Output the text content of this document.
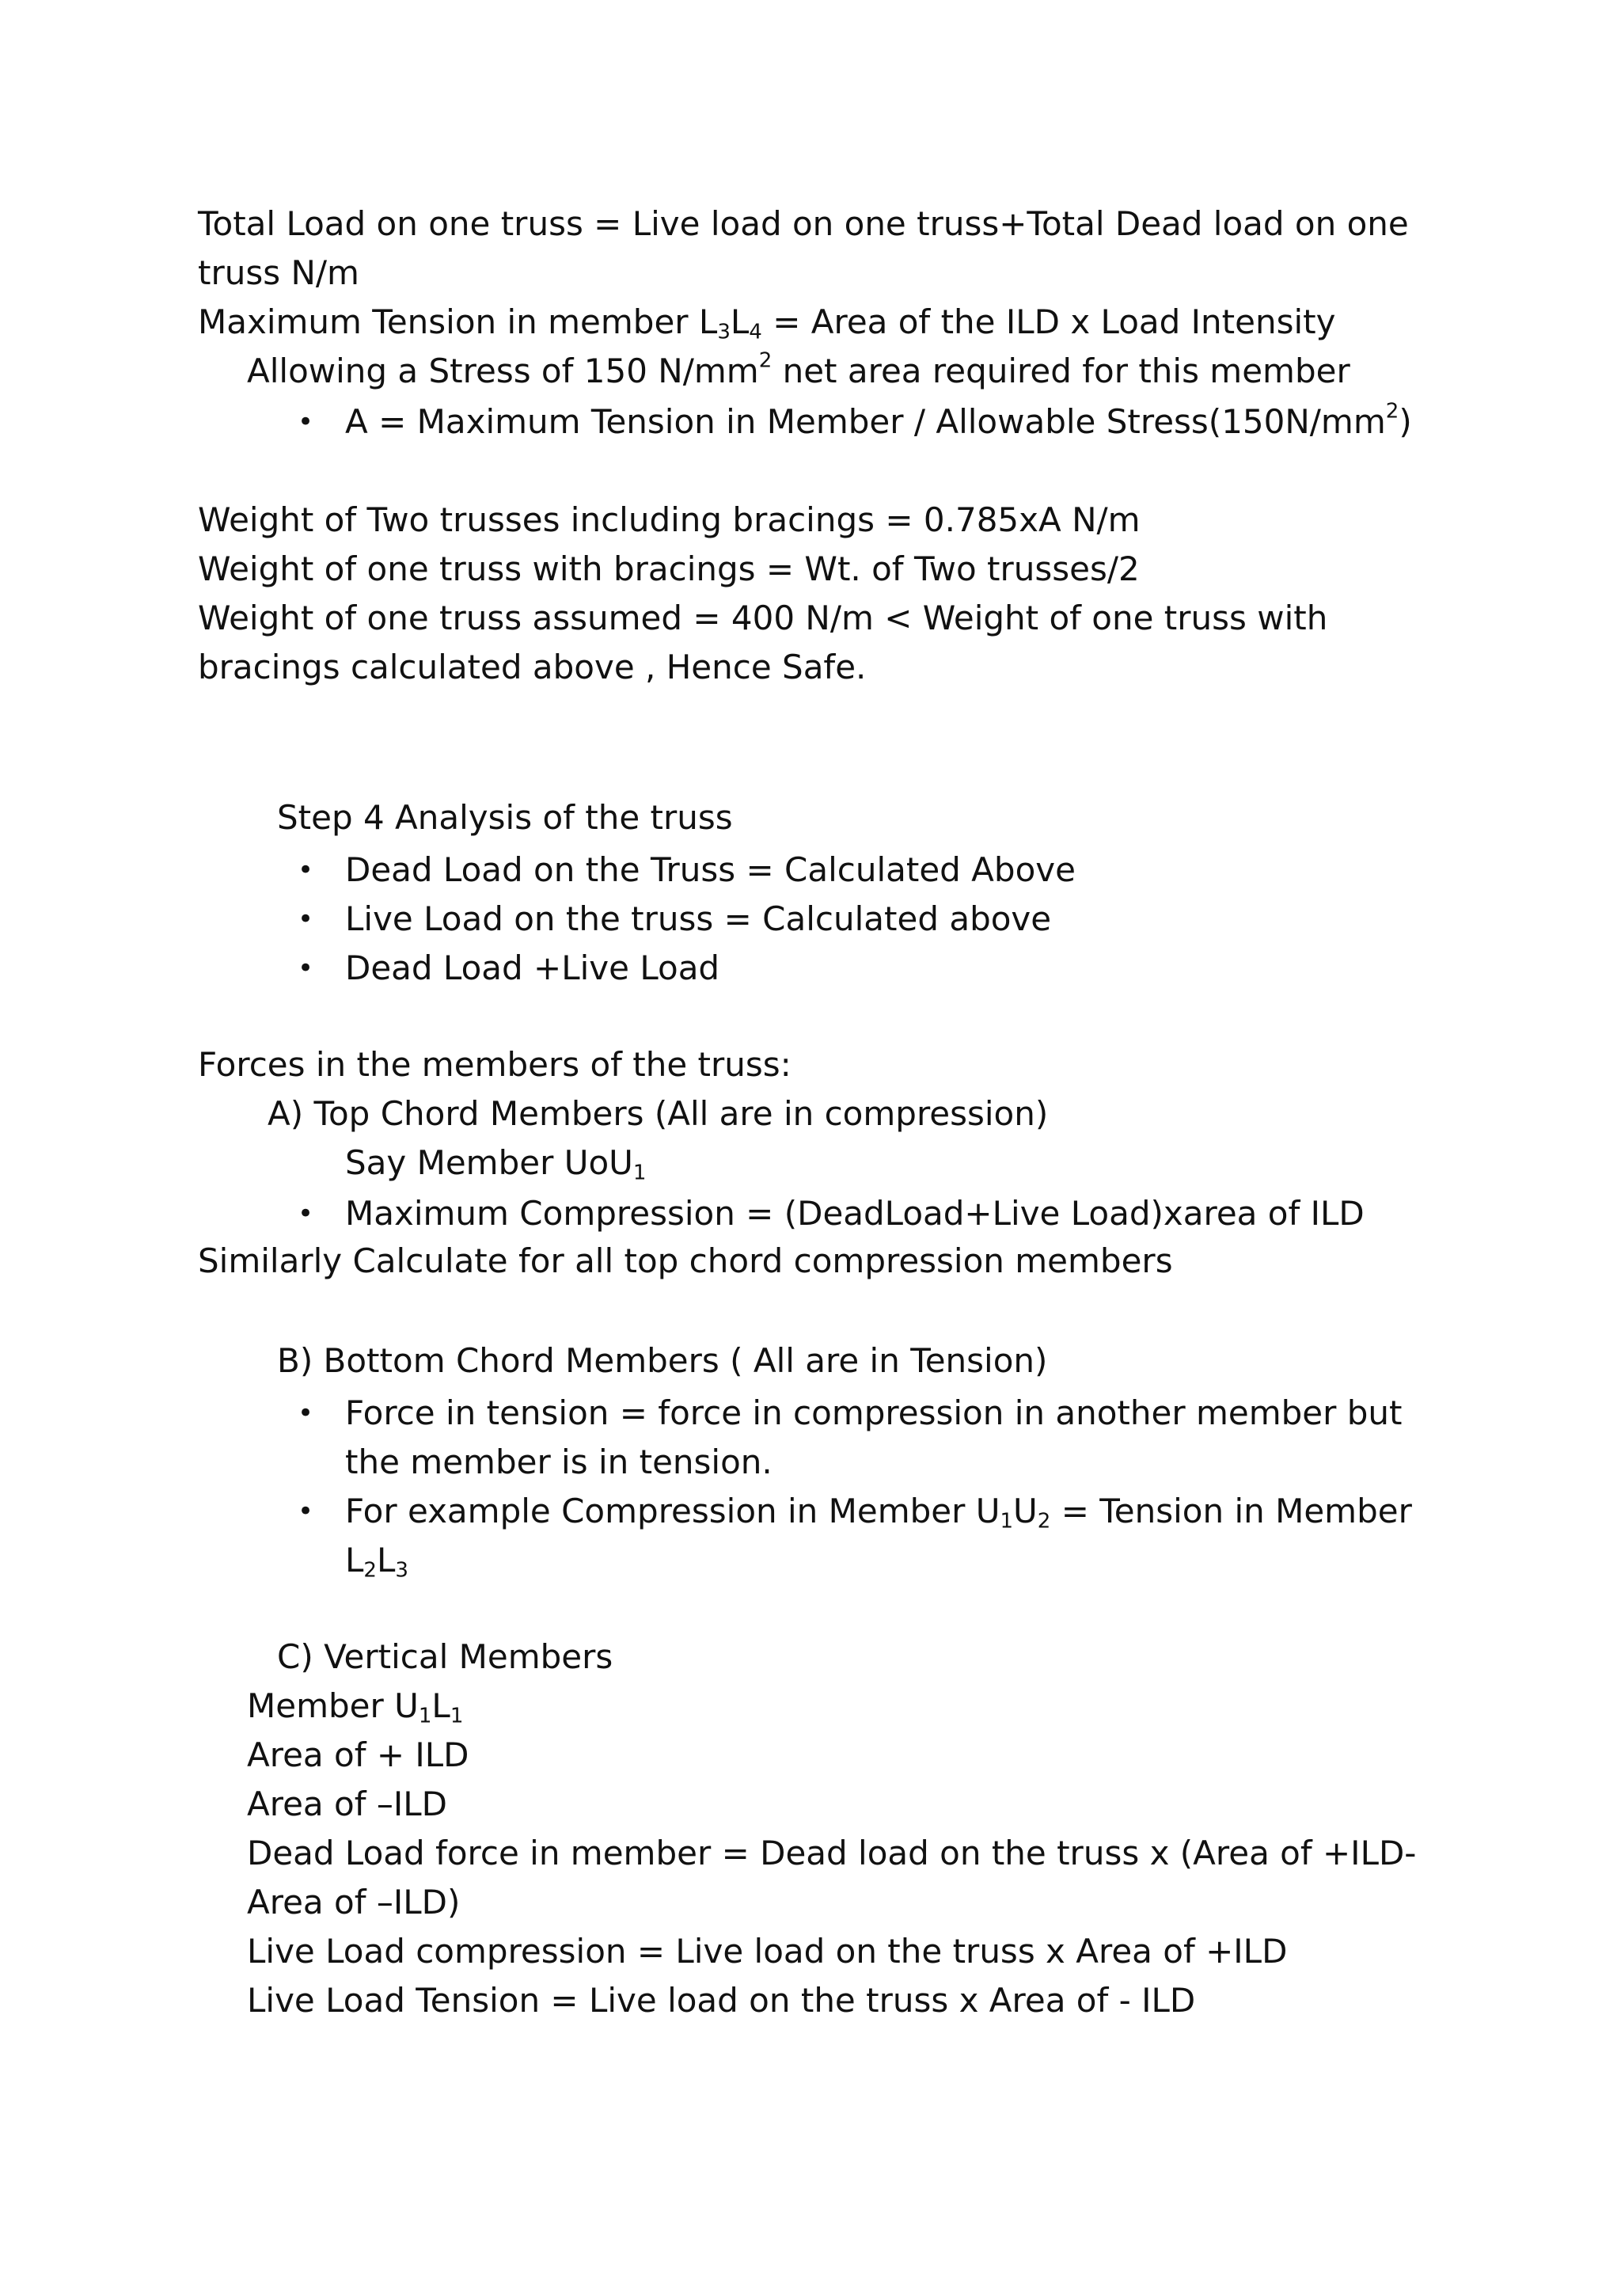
Total Load on one truss = Live load on one truss+Total Dead load on one
truss N/m
Maximum Tension in member $L_3L_4$ = Area of the ILD x Load Intensity
Allowing a Stress of 150 $N/mm^2$ net area required for this member
• A = Maximum Tension in Member / Allowable $Stress(150N/mm^2)$
Weight of Two trusses including bracings = 0.785xA N/m
Weight of one truss with bracings = Wt. of Two trusses/2
Weight of one truss assumed = 400 N/m < Weight of one truss with
bracings calculated above , Hence Safe.
Step 4 Analysis of the truss
• Dead Load on the Truss = Calculated Above
• Live Load on the truss = Calculated above
• Dead Load +Live Load
Forces in the members of the truss:
A) Top Chord Members (All are in compression)
Say Member UoU$_1$
• Maximum Compression = (DeadLoad+Live Load)xarea of ILD
Similarly Calculate for all top chord compression members
B) Bottom Chord Members ( All are in Tension)
• Force in tension = force in compression in another member but
the member is in tension.
• For example Compression in Member $U_1U_2$ = Tension in Member
$L_2L_3$
C) Vertical Members
Member $U_1L_1$
Area of + ILD
Area of –ILD
Dead Load force in member = Dead load on the truss x (Area of +ILD-
Area of –ILD)
Live Load compression = Live load on the truss x Area of +ILD
Live Load Tension = Live load on the truss x Area of - ILD
